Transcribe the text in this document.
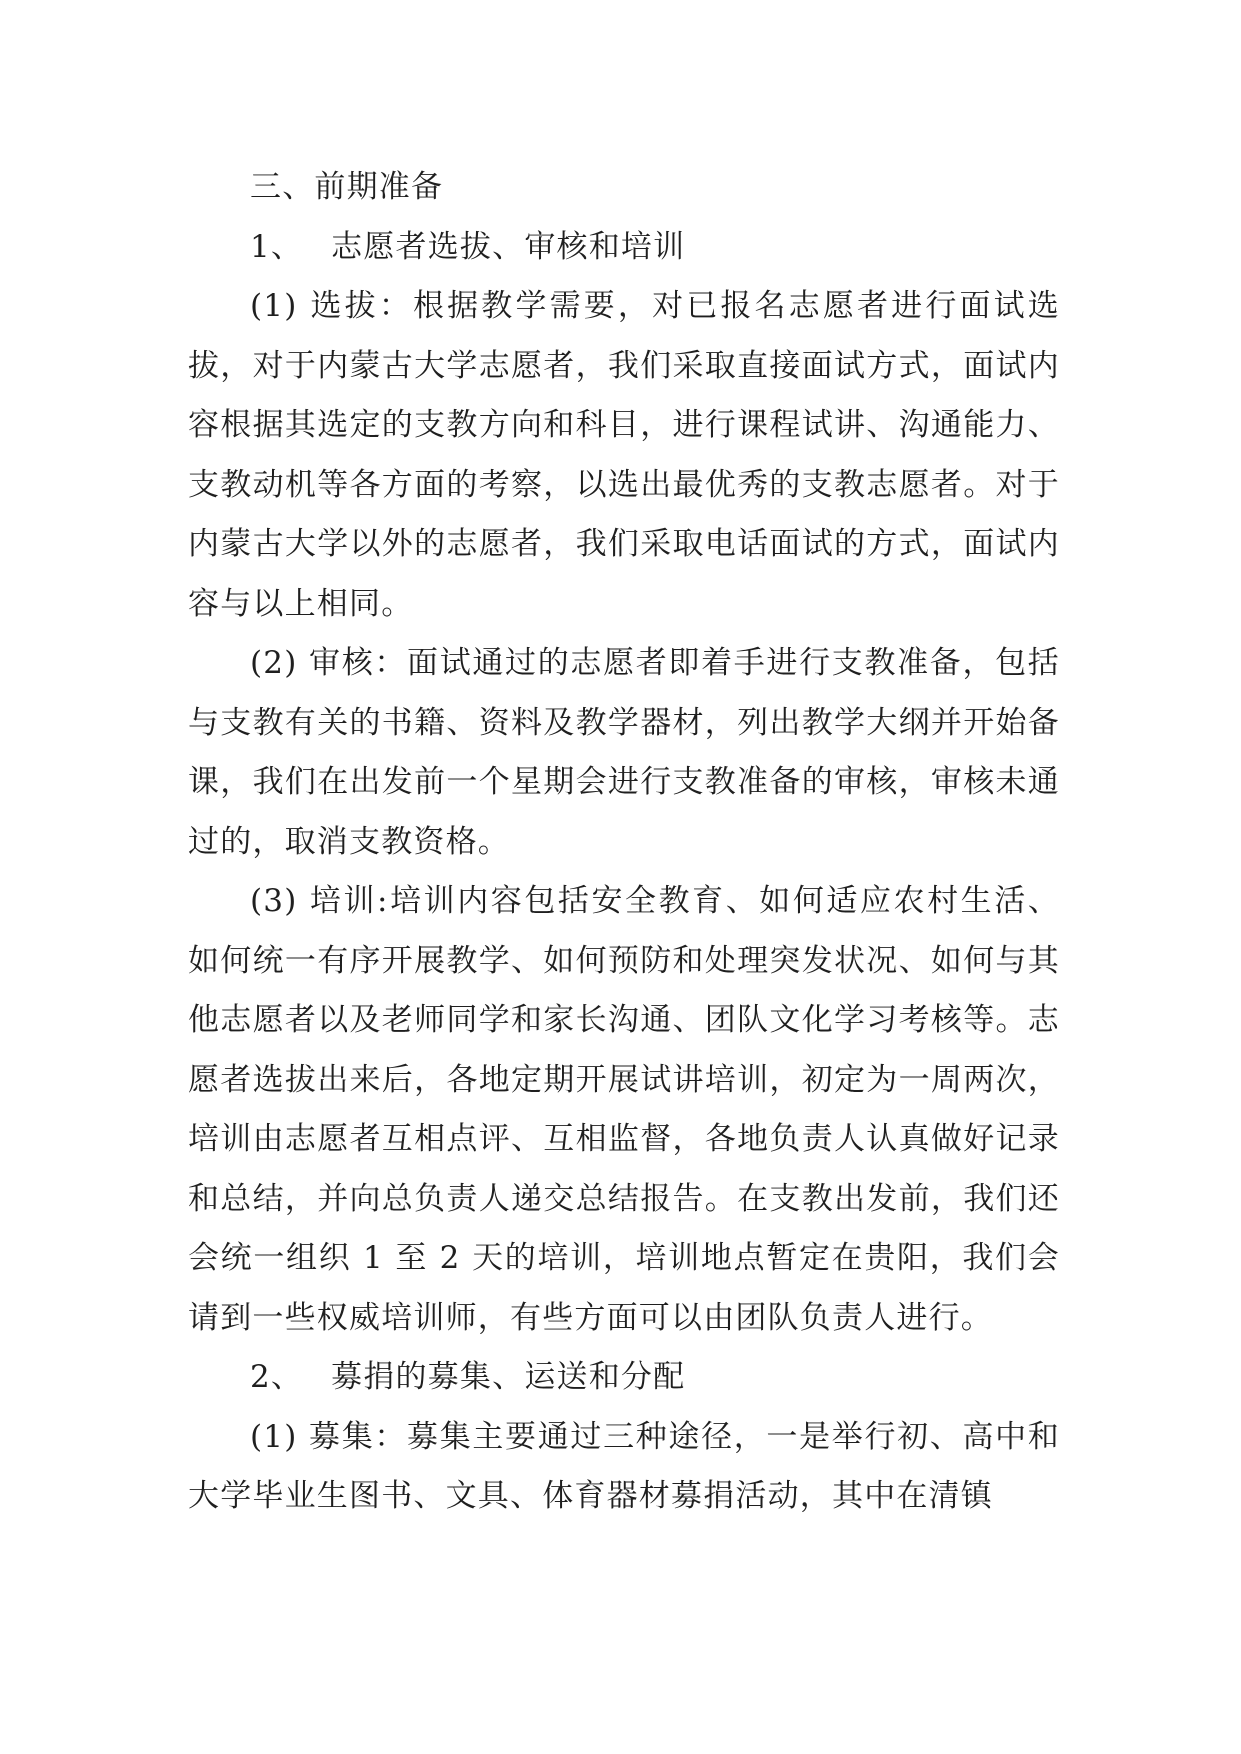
三、前期准备

1、 志愿者选拔、审核和培训

(1) 选拔：根据教学需要，对已报名志愿者进行面试选拔，对于内蒙古大学志愿者，我们采取直接面试方式，面试内容根据其选定的支教方向和科目，进行课程试讲、沟通能力、支教动机等各方面的考察，以选出最优秀的支教志愿者。对于内蒙古大学以外的志愿者，我们采取电话面试的方式，面试内容与以上相同。

(2) 审核：面试通过的志愿者即着手进行支教准备，包括与支教有关的书籍、资料及教学器材，列出教学大纲并开始备课，我们在出发前一个星期会进行支教准备的审核，审核未通过的，取消支教资格。

(3) 培训:培训内容包括安全教育、如何适应农村生活、如何统一有序开展教学、如何预防和处理突发状况、如何与其他志愿者以及老师同学和家长沟通、团队文化学习考核等。志愿者选拔出来后，各地定期开展试讲培训，初定为一周两次，培训由志愿者互相点评、互相监督，各地负责人认真做好记录和总结，并向总负责人递交总结报告。在支教出发前，我们还会统一组织 1 至 2 天的培训，培训地点暂定在贵阳，我们会请到一些权威培训师，有些方面可以由团队负责人进行。

2、 募捐的募集、运送和分配

(1) 募集：募集主要通过三种途径，一是举行初、高中和大学毕业生图书、文具、体育器材募捐活动，其中在清镇
